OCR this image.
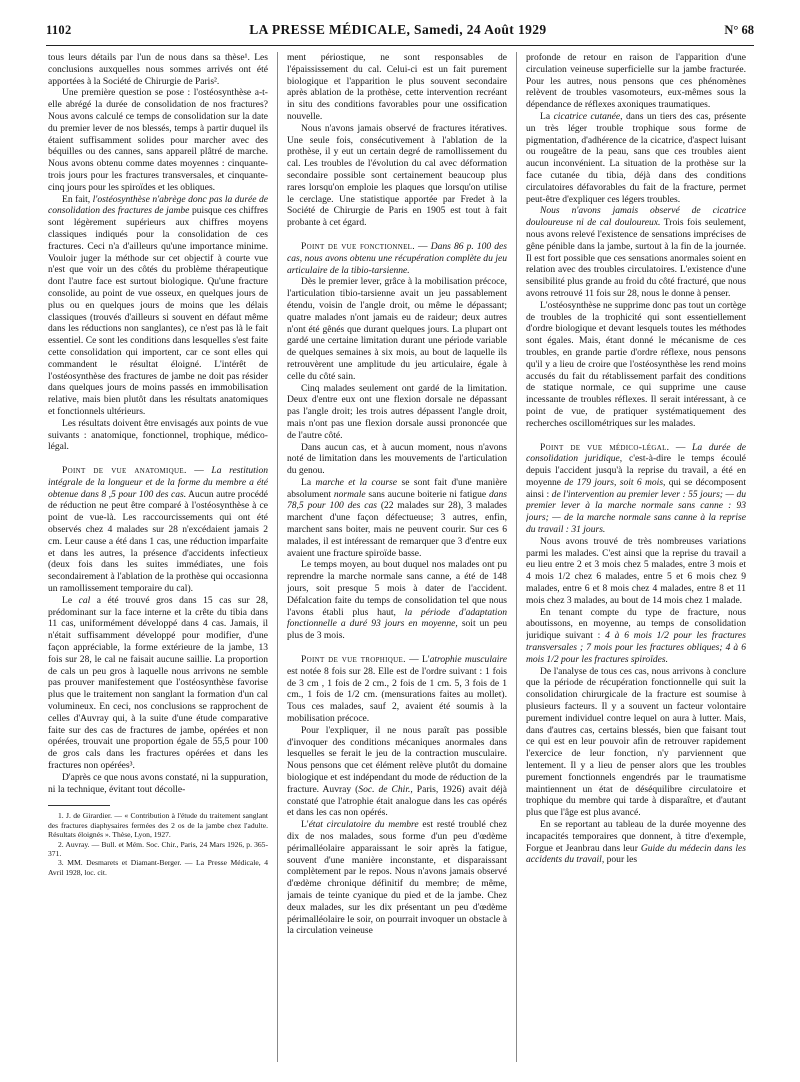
1102	LA PRESSE MÉDICALE, Samedi, 24 Août 1929	N° 68

tous leurs détails par l'un de nous dans sa thèse¹. Les conclusions auxquelles nous sommes arrivés ont été apportées à la Société de Chirurgie de Paris².

Une première question se pose : l'ostéosynthèse a-t-elle abrégé la durée de consolidation de nos fractures? Nous avons calculé ce temps de consolidation sur la date du premier lever de nos blessés, temps à partir duquel ils étaient suffisamment solides pour marcher avec des béquilles ou des cannes, sans appareil plâtré de marche. Nous avons obtenu comme dates moyennes : cinquante-trois jours pour les fractures transversales, et cinquante-cinq jours pour les spiroïdes et les obliques.

En fait, l'ostéosynthèse n'abrège donc pas la durée de consolidation des fractures de jambe puisque ces chiffres sont légèrement supérieurs aux chiffres moyens classiques indiqués pour la consolidation de ces fractures. Ceci n'a d'ailleurs qu'une importance minime. Vouloir juger la méthode sur cet objectif à courte vue n'est que voir un des côtés du problème thérapeutique dont l'autre face est surtout biologique. Qu'une fracture consolide, au point de vue osseux, en quelques jours de plus ou en quelques jours de moins que les délais classiques (trouvés d'ailleurs si souvent en défaut même dans les réductions non sanglantes), ce n'est pas là le fait essentiel. Ce sont les conditions dans lesquelles s'est faite cette consolidation qui importent, car ce sont elles qui commandent le résultat éloigné. L'intérêt de l'ostéosynthèse des fractures de jambe ne doit pas résider dans quelques jours de moins passés en immobilisation relative, mais bien plutôt dans les résultats anatomiques et fonctionnels ultérieurs.

Les résultats doivent être envisagés aux points de vue suivants : anatomique, fonctionnel, trophique, médico-légal.

Point de vue anatomique. — La restitution intégrale de la longueur et de la forme du membre a été obtenue dans 8 ,5 pour 100 des cas. Aucun autre procédé de réduction ne peut être comparé à l'ostéosynthèse à ce point de vue-là. Les raccourcissements qui ont été observés chez 4 malades sur 28 n'excédaient jamais 2 cm. Leur cause a été dans 1 cas, une réduction imparfaite et dans les autres, la présence d'accidents infectieux (deux fois dans les suites immédiates, une fois secondairement à l'ablation de la prothèse qui occasionna un ramollissement temporaire du cal).

Le cal a été trouvé gros dans 15 cas sur 28, prédominant sur la face interne et la crête du tibia dans 11 cas, uniformément développé dans 4 cas. Jamais, il n'était suffisamment développé pour modifier, d'une façon appréciable, la forme extérieure de la jambe, 13 fois sur 28, le cal ne faisait aucune saillie. La proportion de cals un peu gros à laquelle nous arrivons ne semble pas prouver manifestement que l'ostéosynthèse favorise plus que le traitement non sanglant la formation d'un cal volumineux. En ceci, nos conclusions se rapprochent de celles d'Auvray qui, à la suite d'une étude comparative faite sur des cas de fractures de jambe, opérées et non opérées, trouvait une proportion égale de 55,5 pour 100 de gros cals dans les fractures opérées et dans les fractures non opérées³.

D'après ce que nous avons constaté, ni la suppuration, ni la technique, évitant tout décolle-

1. J. de Girardier. — « Contribution à l'étude du traitement sanglant des fractures diaphysaires fermées des 2 os de la jambe chez l'adulte. Résultats éloignés ». Thèse, Lyon, 1927.

2. Auvray. — Bull. et Mém. Soc. Chir., Paris, 24 Mars 1926, p. 365-371.

3. MM. Desmarets et Diamant-Berger. — La Presse Médicale, 4 Avril 1928, loc. cit.

ment périostique, ne sont responsables de l'épaississement du cal. Celui-ci est un fait purement biologique et l'apparition le plus souvent secondaire après ablation de la prothèse, cette intervention recréant in situ des conditions favorables pour une ossification nouvelle.

Nous n'avons jamais observé de fractures itératives. Une seule fois, consécutivement à l'ablation de la prothèse, il y eut un certain degré de ramollissement du cal. Les troubles de l'évolution du cal avec déformation secondaire possible sont certainement beaucoup plus rares lorsqu'on emploie les plaques que lorsqu'on utilise le cerclage. Une statistique apportée par Fredet à la Société de Chirurgie de Paris en 1905 est tout à fait probante à cet égard.

Point de vue fonctionnel. — Dans 86 p. 100 des cas, nous avons obtenu une récupération complète du jeu articulaire de la tibio-tarsienne.

Dès le premier lever, grâce à la mobilisation précoce, l'articulation tibio-tarsienne avait un jeu passablement étendu, voisin de l'angle droit, ou même le dépassant; quatre malades n'ont jamais eu de raideur; deux autres n'ont été gênés que durant quelques jours. La plupart ont gardé une certaine limitation durant une période variable de quelques semaines à six mois, au bout de laquelle ils retrouvèrent une amplitude du jeu articulaire, égale à celle du côté sain.

Cinq malades seulement ont gardé de la limitation. Deux d'entre eux ont une flexion dorsale ne dépassant pas l'angle droit; les trois autres dépassent l'angle droit, mais n'ont pas une flexion dorsale aussi prononcée que de l'autre côté.

Dans aucun cas, et à aucun moment, nous n'avons noté de limitation dans les mouvements de l'articulation du genou.

La marche et la course se sont fait d'une manière absolument normale sans aucune boiterie ni fatigue dans 78,5 pour 100 des cas (22 malades sur 28), 3 malades marchent d'une façon défectueuse; 3 autres, enfin, marchent sans boiter, mais ne peuvent courir. Sur ces 6 malades, il est intéressant de remarquer que 3 d'entre eux avaient une fracture spiroïde basse.

Le temps moyen, au bout duquel nos malades ont pu reprendre la marche normale sans canne, a été de 148 jours, soit presque 5 mois à dater de l'accident. Défalcation faite du temps de consolidation tel que nous l'avons établi plus haut, la période d'adaptation fonctionnelle a duré 93 jours en moyenne, soit un peu plus de 3 mois.

Point de vue trophique. — L'atrophie musculaire est notée 8 fois sur 28. Elle est de l'ordre suivant : 1 fois de 3 cm , 1 fois de 2 cm., 2 fois de 1 cm. 5, 3 fois de 1 cm., 1 fois de 1/2 cm. (mensurations faites au mollet). Tous ces malades, sauf 2, avaient été soumis à la mobilisation précoce.

Pour l'expliquer, il ne nous paraît pas possible d'invoquer des conditions mécaniques anormales dans lesquelles se ferait le jeu de la contraction musculaire. Nous pensons que cet élément relève plutôt du domaine biologique et est indépendant du mode de réduction de la fracture. Auvray (Soc. de Chir., Paris, 1926) avait déjà constaté que l'atrophie était analogue dans les cas opérés et dans les cas non opérés.

L'état circulatoire du membre est resté troublé chez dix de nos malades, sous forme d'un peu d'œdème périmalléolaire apparaissant le soir après la fatigue, souvent d'une manière inconstante, et disparaissant complètement par le repos. Nous n'avons jamais observé d'œdème chronique définitif du membre; de même, jamais de teinte cyanique du pied et de la jambe. Chez deux malades, sur les dix présentant un peu d'œdème périmalléolaire le soir, on pourrait invoquer un obstacle à la circulation veineuse

profonde de retour en raison de l'apparition d'une circulation veineuse superficielle sur la jambe fracturée. Pour les autres, nous pensons que ces phénomènes relèvent de troubles vasomoteurs, eux-mêmes sous la dépendance de réflexes axoniques traumatiques.

La cicatrice cutanée, dans un tiers des cas, présente un très léger trouble trophique sous forme de pigmentation, d'adhérence de la cicatrice, d'aspect luisant ou rougeâtre de la peau, sans que ces troubles aient aucun inconvénient. La situation de la prothèse sur la face cutanée du tibia, déjà dans des conditions circulatoires défavorables du fait de la fracture, permet peut-être d'expliquer ces légers troubles.

Nous n'avons jamais observé de cicatrice douloureuse ni de cal douloureux. Trois fois seulement, nous avons relevé l'existence de sensations imprécises de gêne pénible dans la jambe, surtout à la fin de la journée. Il est fort possible que ces sensations anormales soient en relation avec des troubles circulatoires. L'existence d'une sensibilité plus grande au froid du côté fracturé, que nous avons retrouvé 11 fois sur 28, nous le donne à penser.

L'ostéosynthèse ne supprime donc pas tout un cortège de troubles de la trophicité qui sont essentiellement d'ordre biologique et devant lesquels toutes les méthodes sont égales. Mais, étant donné le mécanisme de ces troubles, en grande partie d'ordre réflexe, nous pensons qu'il y a lieu de croire que l'ostéosynthèse les rend moins accusés du fait du rétablissement parfait des conditions de statique normale, ce qui supprime une cause incessante de troubles réflexes. Il serait intéressant, à ce point de vue, de pratiquer systématiquement des recherches oscillométriques sur les malades.

Point de vue médico-légal. — La durée de consolidation juridique, c'est-à-dire le temps écoulé depuis l'accident jusqu'à la reprise du travail, a été en moyenne de 179 jours, soit 6 mois, qui se décomposent ainsi : de l'intervention au premier lever : 55 jours; — du premier lever à la marche normale sans canne : 93 jours; — de la marche normale sans canne à la reprise du travail : 31 jours.

Nous avons trouvé de très nombreuses variations parmi les malades. C'est ainsi que la reprise du travail a eu lieu entre 2 et 3 mois chez 5 malades, entre 3 mois et 4 mois 1/2 chez 6 malades, entre 5 et 6 mois chez 9 malades, entre 6 et 8 mois chez 4 malades, entre 8 et 11 mois chez 3 malades, au bout de 14 mois chez 1 malade.

En tenant compte du type de fracture, nous aboutissons, en moyenne, au temps de consolidation juridique suivant : 4 à 6 mois 1/2 pour les fractures transversales ; 7 mois pour les fractures obliques; 4 à 6 mois 1/2 pour les fractures spiroïdes.

De l'analyse de tous ces cas, nous arrivons à conclure que la période de récupération fonctionnelle qui suit la consolidation chirurgicale de la fracture est soumise à plusieurs facteurs. Il y a souvent un facteur volontaire purement individuel contre lequel on aura à lutter. Mais, dans d'autres cas, certains blessés, bien que faisant tout ce qui est en leur pouvoir afin de retrouver rapidement l'exercice de leur fonction, n'y parviennent que lentement. Il y a lieu de penser alors que les troubles purement fonctionnels engendrés par le traumatisme maintiennent un état de déséquilibre circulatoire et trophique du membre qui tarde à disparaître, et d'autant plus que l'âge est plus avancé.

En se reportant au tableau de la durée moyenne des incapacités temporaires que donnent, à titre d'exemple, Forgue et Jeanbrau dans leur Guide du médecin dans les accidents du travail, pour les
